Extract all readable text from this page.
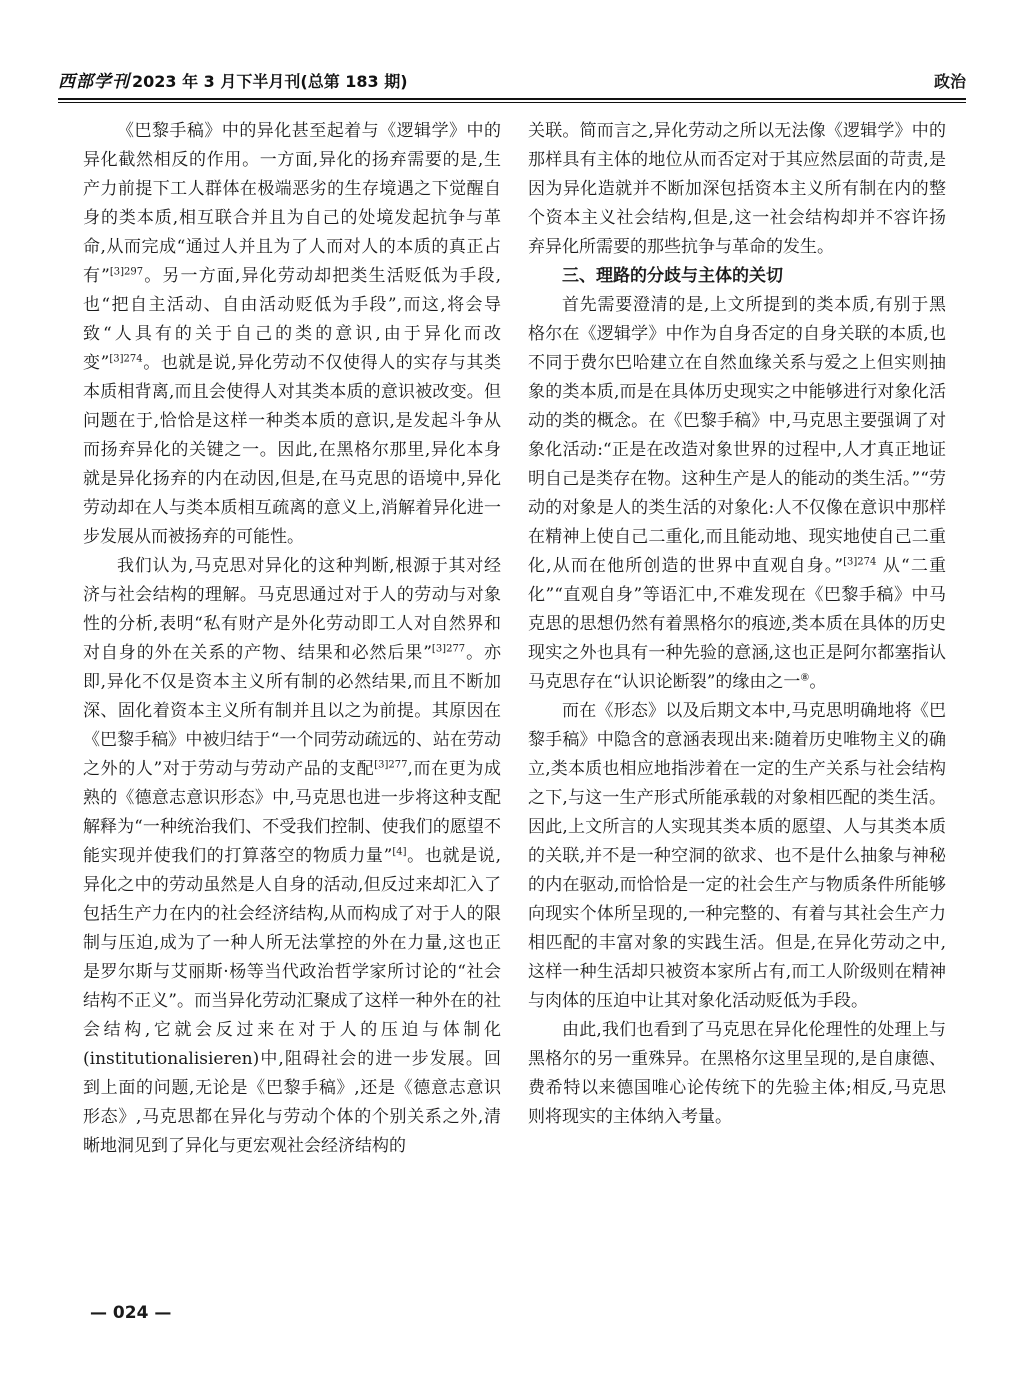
西部学刊 2023 年 3 月下半月刊(总第 183 期)	政治

《巴黎手稿》中的异化甚至起着与《逻辑学》中的异化截然相反的作用。一方面,异化的扬弃需要的是,生产力前提下工人群体在极端恶劣的生存境遇之下觉醒自身的类本质,相互联合并且为自己的处境发起抗争与革命,从而完成“通过人并且为了人而对人的本质的真正占有”$^{[3]297}$。另一方面,异化劳动却把类生活贬低为手段,也“把自主活动、自由活动贬低为手段”,而这,将会导致“人具有的关于自己的类的意识,由于异化而改变”$^{[3]274}$。也就是说,异化劳动不仅使得人的实存与其类本质相背离,而且会使得人对其类本质的意识被改变。但问题在于,恰恰是这样一种类本质的意识,是发起斗争从而扬弃异化的关键之一。因此,在黑格尔那里,异化本身就是异化扬弃的内在动因,但是,在马克思的语境中,异化劳动却在人与类本质相互疏离的意义上,消解着异化进一步发展从而被扬弃的可能性。

我们认为,马克思对异化的这种判断,根源于其对经济与社会结构的理解。马克思通过对于人的劳动与对象性的分析,表明“私有财产是外化劳动即工人对自然界和对自身的外在关系的产物、结果和必然后果”$^{[3]277}$。亦即,异化不仅是资本主义所有制的必然结果,而且不断加深、固化着资本主义所有制并且以之为前提。其原因在《巴黎手稿》中被归结于“一个同劳动疏远的、站在劳动之外的人”对于劳动与劳动产品的支配$^{[3]277}$,而在更为成熟的《德意志意识形态》中,马克思也进一步将这种支配解释为“一种统治我们、不受我们控制、使我们的愿望不能实现并使我们的打算落空的物质力量”[4]。也就是说,异化之中的劳动虽然是人自身的活动,但反过来却汇入了包括生产力在内的社会经济结构,从而构成了对于人的限制与压迫,成为了一种人所无法掌控的外在力量,这也正是罗尔斯与艾丽斯·杨等当代政治哲学家所讨论的“社会结构不正义”。而当异化劳动汇聚成了这样一种外在的社会结构,它就会反过来在对于人的压迫与体制化(institutionalisieren)中,阻碍社会的进一步发展。回到上面的问题,无论是《巴黎手稿》,还是《德意志意识形态》,马克思都在异化与劳动个体的个别关系之外,清晰地洞见到了异化与更宏观社会经济结构的

关联。简而言之,异化劳动之所以无法像《逻辑学》中的那样具有主体的地位从而否定对于其应然层面的苛责,是因为异化造就并不断加深包括资本主义所有制在内的整个资本主义社会结构,但是,这一社会结构却并不容许扬弃异化所需要的那些抗争与革命的发生。

三、理路的分歧与主体的关切

首先需要澄清的是,上文所提到的类本质,有别于黑格尔在《逻辑学》中作为自身否定的自身关联的本质,也不同于费尔巴哈建立在自然血缘关系与爱之上但实则抽象的类本质,而是在具体历史现实之中能够进行对象化活动的类的概念。在《巴黎手稿》中,马克思主要强调了对象化活动:“正是在改造对象世界的过程中,人才真正地证明自己是类存在物。这种生产是人的能动的类生活。”“劳动的对象是人的类生活的对象化:人不仅像在意识中那样在精神上使自己二重化,而且能动地、现实地使自己二重化,从而在他所创造的世界中直观自身。”$^{[3]274}$ 从“二重化”“直观自身”等语汇中,不难发现在《巴黎手稿》中马克思的思想仍然有着黑格尔的痕迹,类本质在具体的历史现实之外也具有一种先验的意涵,这也正是阿尔都塞指认马克思存在“认识论断裂”的缘由之一⑧。

而在《形态》以及后期文本中,马克思明确地将《巴黎手稿》中隐含的意涵表现出来:随着历史唯物主义的确立,类本质也相应地指涉着在一定的生产关系与社会结构之下,与这一生产形式所能承载的对象相匹配的类生活。因此,上文所言的人实现其类本质的愿望、人与其类本质的关联,并不是一种空洞的欲求、也不是什么抽象与神秘的内在驱动,而恰恰是一定的社会生产与物质条件所能够向现实个体所呈现的,一种完整的、有着与其社会生产力相匹配的丰富对象的实践生活。但是,在异化劳动之中,这样一种生活却只被资本家所占有,而工人阶级则在精神与肉体的压迫中让其对象化活动贬低为手段。

由此,我们也看到了马克思在异化伦理性的处理上与黑格尔的另一重殊异。在黑格尔这里呈现的,是自康德、费希特以来德国唯心论传统下的先验主体;相反,马克思则将现实的主体纳入考量。

— 024 —
